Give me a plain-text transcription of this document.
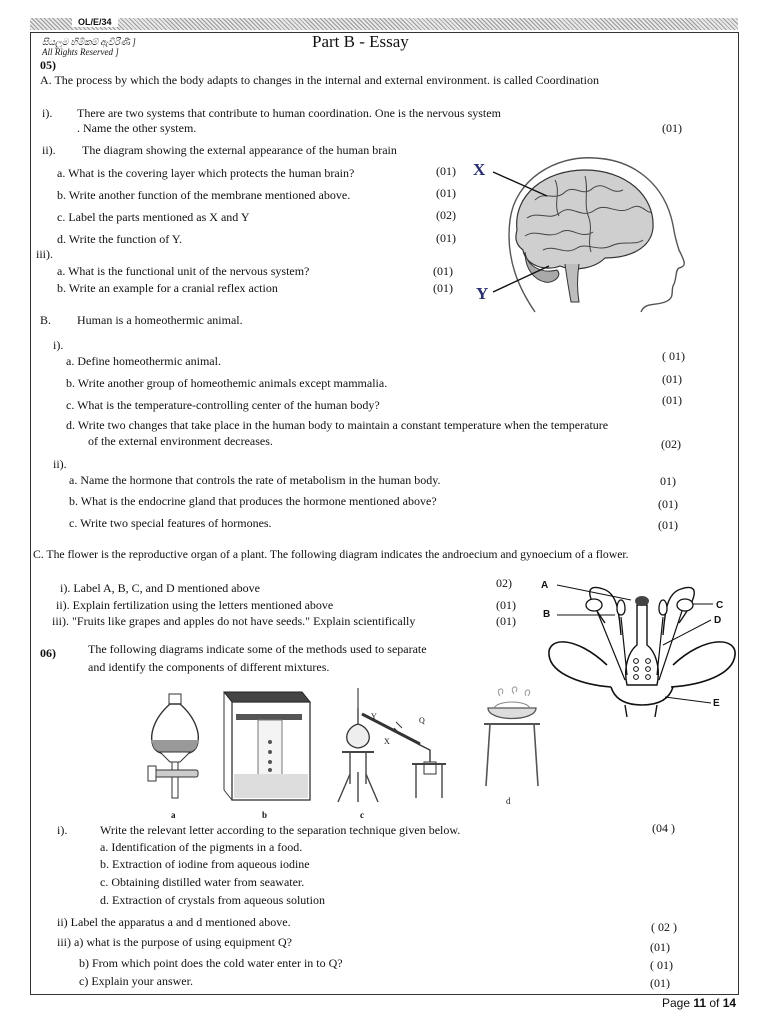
OL/E/34
සියලුම හිමිකම් ඇවිරිණි ]
All Rights Reserved ]
Part B - Essay
05)
A. The process by which the body adapts to changes in the internal and external environment. is called Coordination
i). There are two systems that contribute to human coordination. One is the nervous system
. Name the other system.	(01)
ii). The diagram showing the external appearance of the human brain
a. What is the covering layer which protects the human brain?	(01)
b. Write another function of the membrane mentioned above.	(01)
c. Label the parts mentioned as X and Y	(02)
d. Write the function of Y.	(01)
iii).
a. What is the functional unit of the nervous system?	(01)
b. Write an example for a cranial reflex action	(01)
X
Y
B. Human is a homeothermic animal.
i).
a. Define homeothermic animal.	( 01)
b. Write another group of homeothemic animals except mammalia.	(01)
c. What is the temperature-controlling center of the human body?	(01)
d. Write two changes that take place in the human body to maintain a constant temperature when the temperature
of the external environment decreases.	(02)
ii).
a. Name the hormone that controls the rate of metabolism in the human body.	01)
b. What is the endocrine gland that produces the hormone mentioned above?	(01)
c. Write two special features of hormones.	(01)
C. The flower is the reproductive organ of a plant. The following diagram indicates the androecium and gynoecium of a flower.
i). Label A, B, C, and D mentioned above	02)
ii). Explain fertilization using the letters mentioned above	(01)
iii). "Fruits like grapes and apples do not have seeds." Explain scientifically	(01)
A
B
C
D
E
06)	The following diagrams indicate some of the methods used to separate
and identify the components of different mixtures.
Y	Q
X
a	b	c
d
i).	Write the relevant letter according to the separation technique given below.	(04 )
a. Identification of the pigments in a food.
b. Extraction of iodine from aqueous iodine
c. Obtaining distilled water from seawater.
d. Extraction of crystals from aqueous solution
ii) Label the apparatus a and d mentioned above.	( 02 )
iii) a) what is the purpose of using equipment Q?	(01)
b) From which point does the cold water enter in to Q?	( 01)
c) Explain your answer.	(01)
Page 11 of 14
